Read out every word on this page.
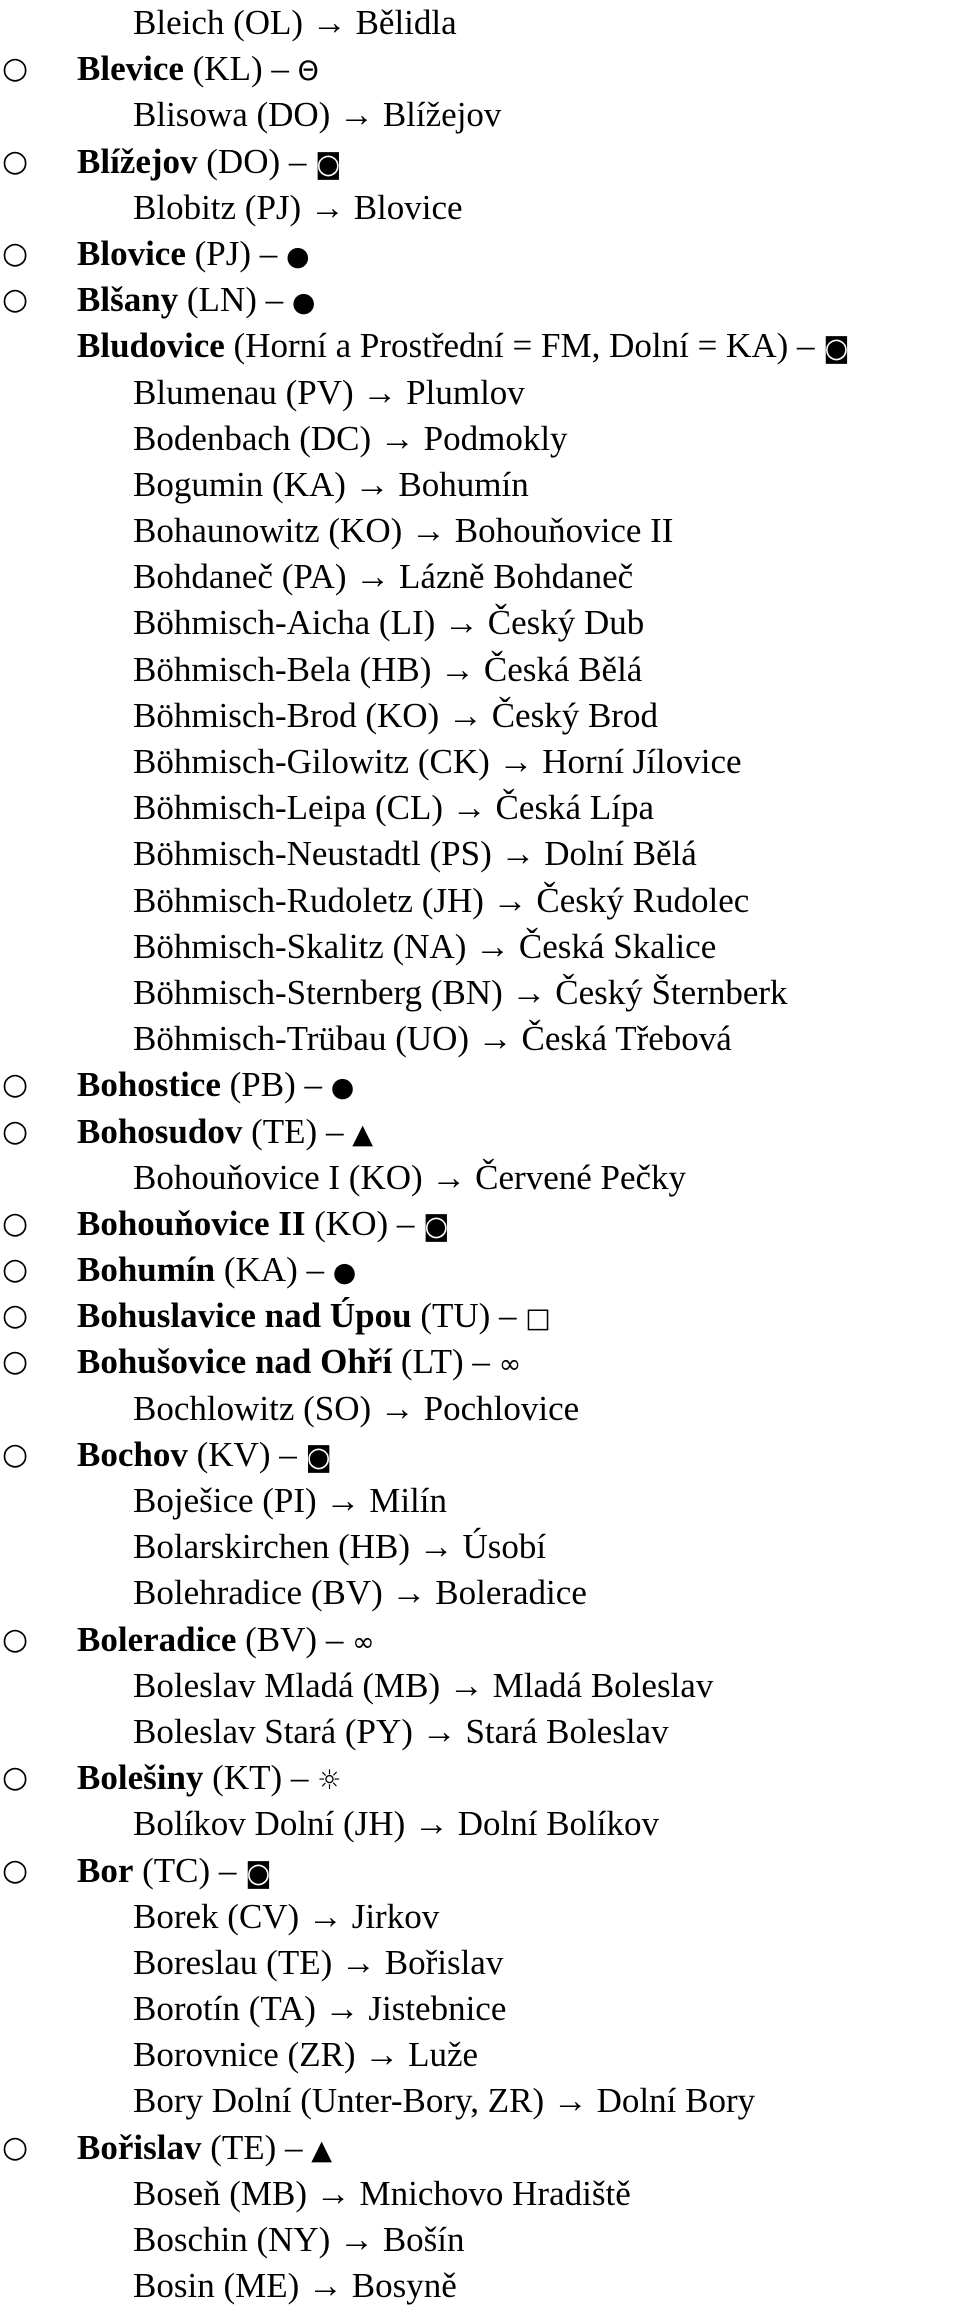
Bleich (OL) → Bělidla
○	Blevice (KL) – Θ
Blisowa (DO) → Blížejov
○	Blížejov (DO) – ◙
Blobitz (PJ) → Blovice
○	Blovice (PJ) – ●
○	Blšany (LN) – ●
Bludovice (Horní a Prostřední = FM, Dolní = KA) – ◙
Blumenau (PV) → Plumlov
Bodenbach (DC) → Podmokly
Bogumin (KA) → Bohumín
Bohaunowitz (KO) → Bohouňovice II
Bohdaneč (PA) → Lázně Bohdaneč
Böhmisch-Aicha (LI) → Český Dub
Böhmisch-Bela (HB) → Česká Bělá
Böhmisch-Brod (KO) → Český Brod
Böhmisch-Gilowitz (CK) → Horní Jílovice
Böhmisch-Leipa (CL) → Česká Lípa
Böhmisch-Neustadtl (PS) → Dolní Bělá
Böhmisch-Rudoletz (JH) → Český Rudolec
Böhmisch-Skalitz (NA) → Česká Skalice
Böhmisch-Sternberg (BN) → Český Šternberk
Böhmisch-Trübau (UO) → Česká Třebová
○	Bohostice (PB) – ●
○	Bohosudov (TE) – ▲
Bohouňovice I (KO) → Červené Pečky
○	Bohouňovice II (KO) – ◙
○	Bohumín (KA) – ●
○	Bohuslavice nad Úpou (TU) – □
○	Bohušovice nad Ohří (LT) – ∞
Bochlowitz (SO) → Pochlovice
○	Bochov (KV) – ◙
Boješice (PI) → Milín
Bolarskirchen (HB) → Úsobí
Bolehradice (BV) → Boleradice
○	Boleradice (BV) – ∞
Boleslav Mladá (MB) → Mladá Boleslav
Boleslav Stará (PY) → Stará Boleslav
○	Bolešiny (KT) – ☼
Bolíkov Dolní (JH) → Dolní Bolíkov
○	Bor (TC) – ◙
Borek (CV) → Jirkov
Boreslau (TE) → Bořislav
Borotín (TA) → Jistebnice
Borovnice (ZR) → Luže
Bory Dolní (Unter-Bory, ZR) → Dolní Bory
○	Bořislav (TE) – ▲
Boseň (MB) → Mnichovo Hradiště
Boschin (NY) → Bošín
Bosin (ME) → Bosyně
